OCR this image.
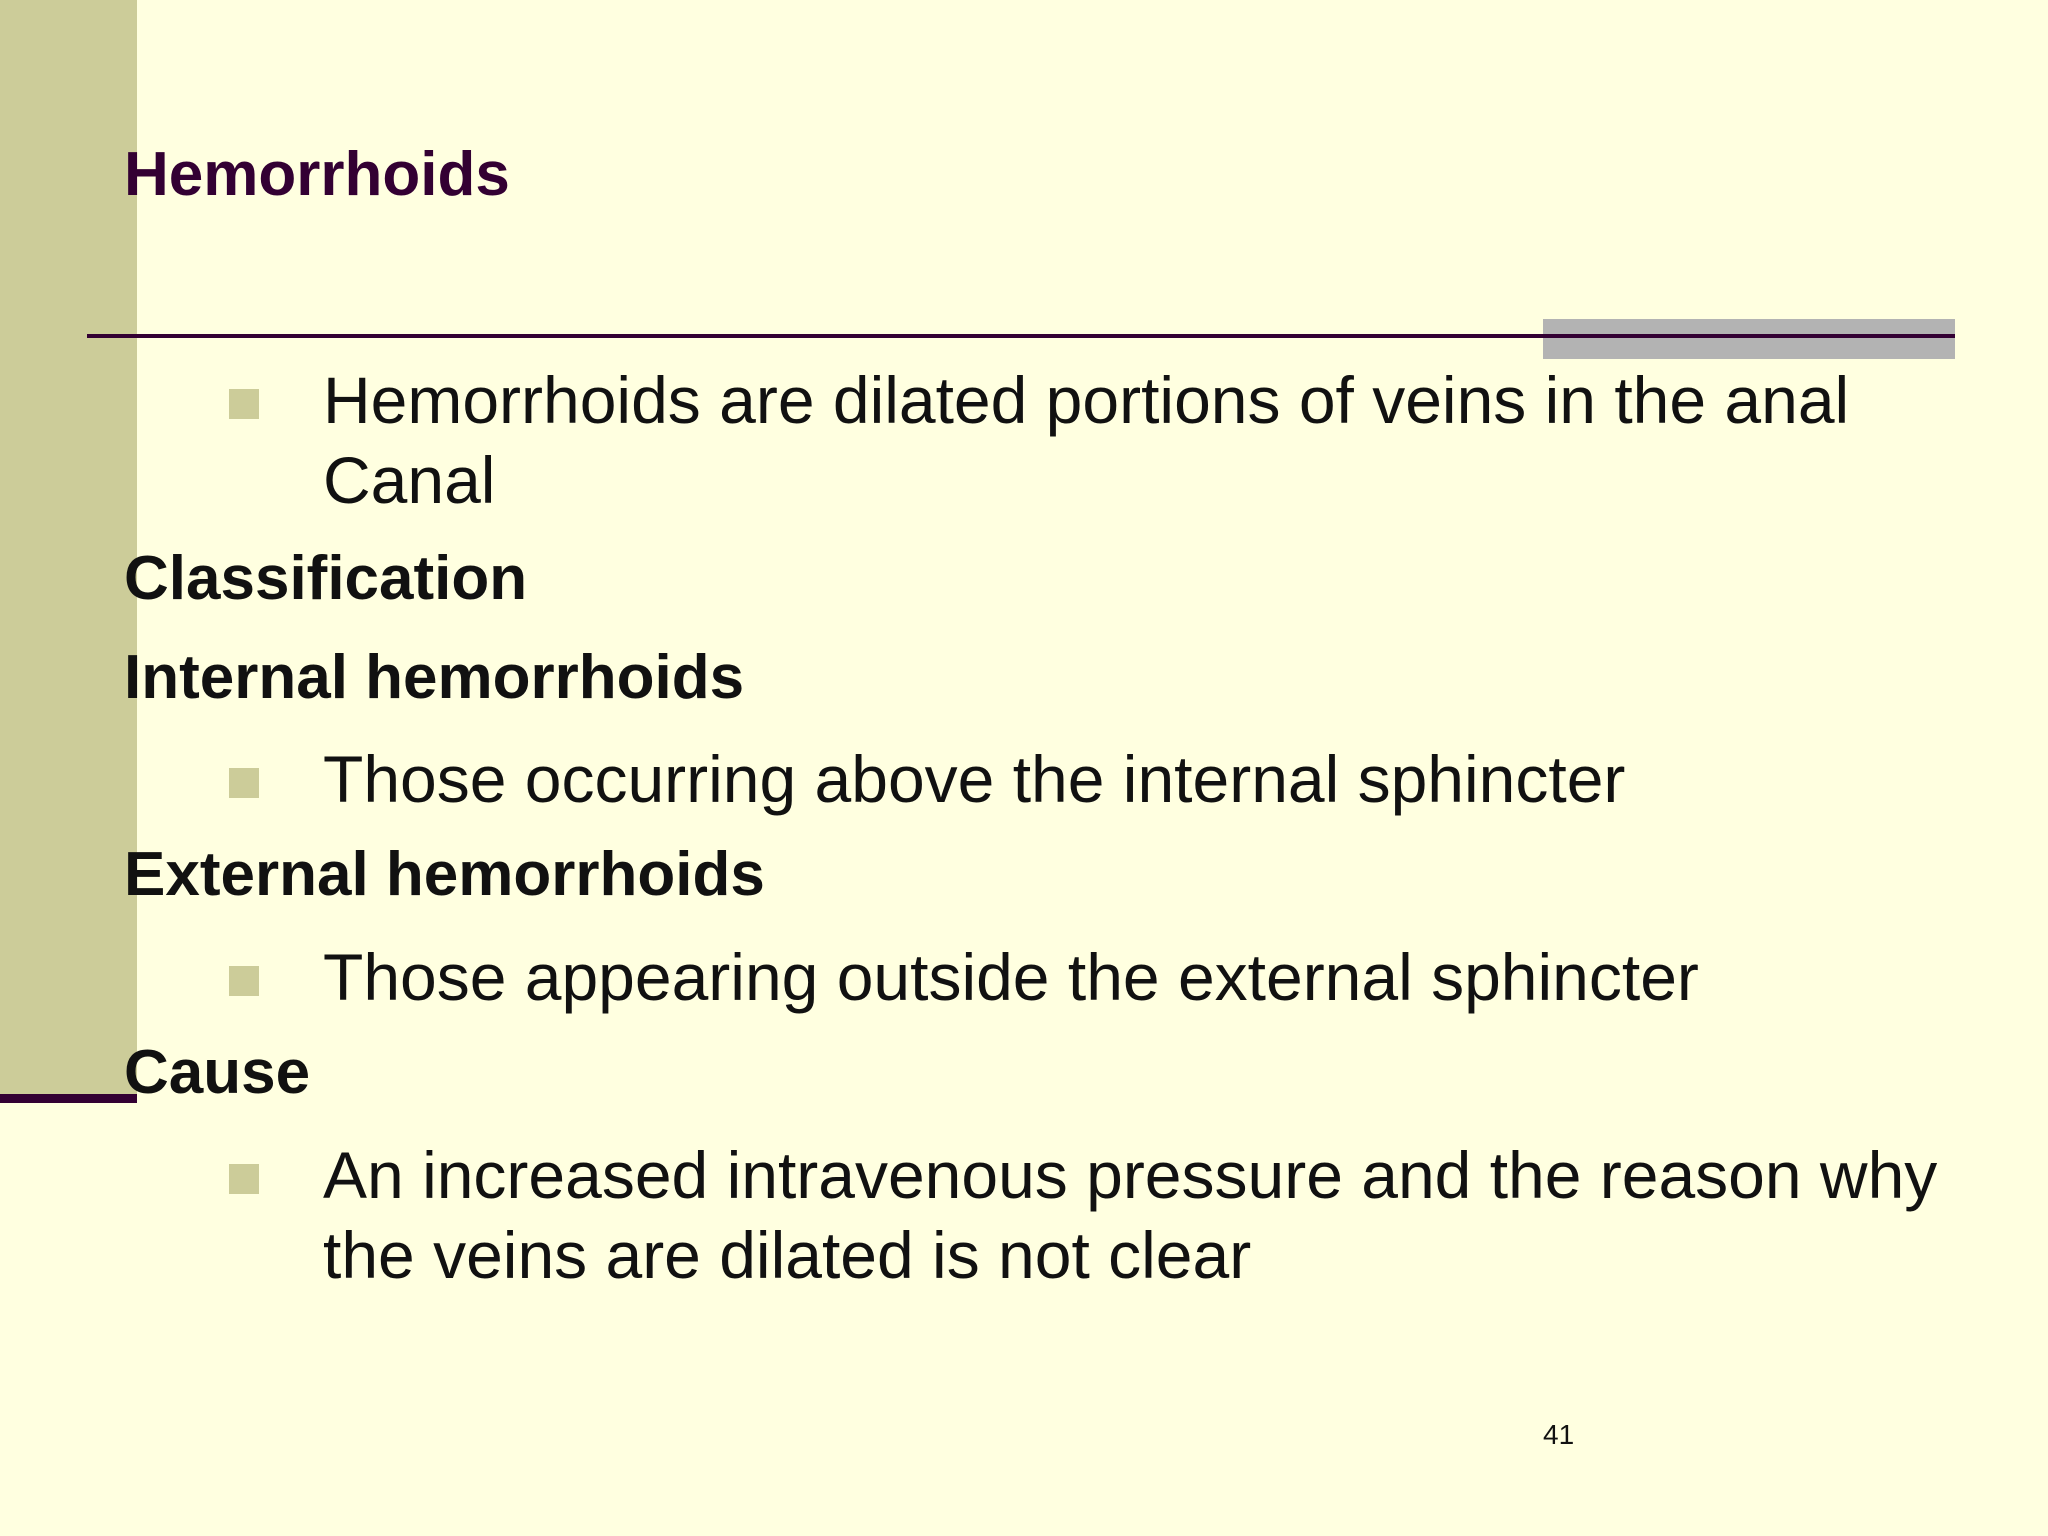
Hemorrhoids
Hemorrhoids are dilated portions of veins in the anal Canal
Classification
Internal hemorrhoids
Those occurring above the internal sphincter
External hemorrhoids
Those appearing outside the external sphincter
Cause
An increased intravenous pressure and the reason why the veins are dilated is not clear
41
